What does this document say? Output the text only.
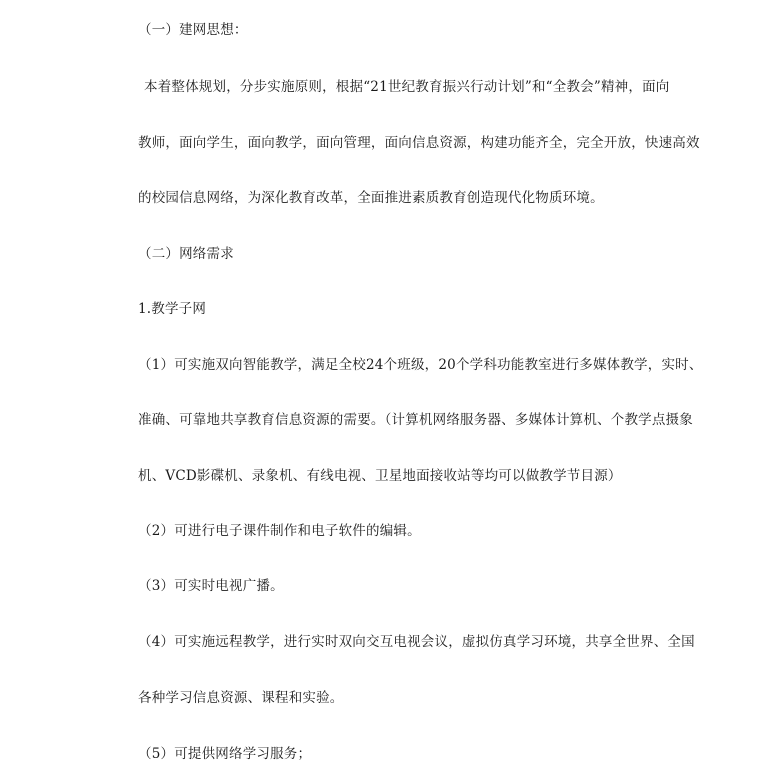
（一）建网思想：
本着整体规划，分步实施原则，根据“21世纪教育振兴行动计划”和“全教会”精神，面向
教师，面向学生，面向教学，面向管理，面向信息资源，构建功能齐全，完全开放，快速高效
的校园信息网络，为深化教育改革，全面推进素质教育创造现代化物质环境。
（二）网络需求
1.教学子网
（1）可实施双向智能教学，满足全校24个班级，20个学科功能教室进行多媒体教学，实时、
准确、可靠地共享教育信息资源的需要。（计算机网络服务器、多媒体计算机、个教学点摄象
机、VCD影碟机、录象机、有线电视、卫星地面接收站等均可以做教学节目源）
（2）可进行电子课件制作和电子软件的编辑。
（3）可实时电视广播。
（4）可实施远程教学，进行实时双向交互电视会议，虚拟仿真学习环境，共享全世界、全国
各种学习信息资源、课程和实验。
（5）可提供网络学习服务；
